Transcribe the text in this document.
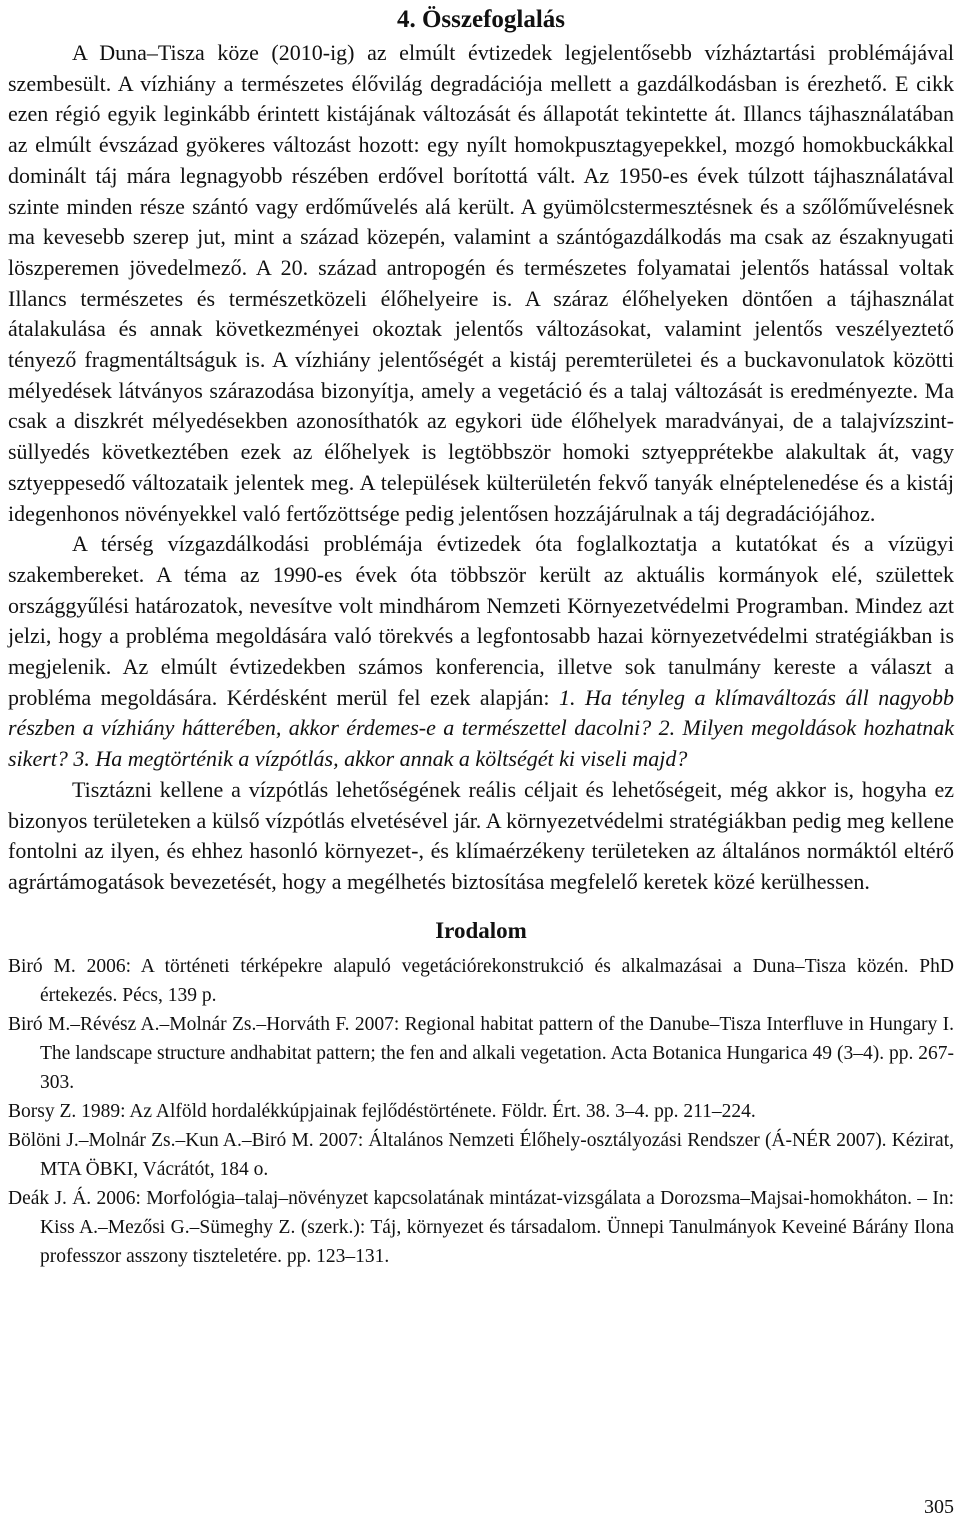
4. Összefoglalás

A Duna–Tisza köze (2010-ig) az elmúlt évtizedek legjelentősebb vízháztartási problémájával szembesült. A vízhiány a természetes élővilág degradációja mellett a gazdálkodásban is érezhető. E cikk ezen régió egyik leginkább érintett kistájának változását és állapotát tekintette át. Illancs tájhasználatában az elmúlt évszázad gyökeres változást hozott: egy nyílt homokpusztagyepekkel, mozgó homokbuckákkal dominált táj mára legnagyobb részében erdővel borítottá vált. Az 1950-es évek túlzott tájhasználatával szinte minden része szántó vagy erdőművelés alá került. A gyümölcstermesztésnek és a szőlőművelésnek ma kevesebb szerep jut, mint a század közepén, valamint a szántógazdálkodás ma csak az északnyugati löszperemen jövedelmező. A 20. század antropogén és természetes folyamatai jelentős hatással voltak Illancs természetes és természetközeli élőhelyeire is. A száraz élőhelyeken döntően a tájhasználat átalakulása és annak következményei okoztak jelentős változásokat, valamint jelentős veszélyeztető tényező fragmentáltságuk is. A vízhiány jelentőségét a kistáj peremterületei és a buckavonulatok közötti mélyedések látványos szárazodása bizonyítja, amely a vegetáció és a talaj változását is eredményezte. Ma csak a diszkrét mélyedésekben azonosíthatók az egykori üde élőhelyek maradványai, de a talajvízszint-süllyedés következtében ezek az élőhelyek is legtöbbször homoki sztyepprétekbe alakultak át, vagy sztyeppesedő változataik jelentek meg. A települések külterületén fekvő tanyák elnéptelenedése és a kistáj idegenhonos növényekkel való fertőzöttsége pedig jelentősen hozzájárulnak a táj degradációjához.

A térség vízgazdálkodási problémája évtizedek óta foglalkoztatja a kutatókat és a vízügyi szakembereket. A téma az 1990-es évek óta többször került az aktuális kormányok elé, születtek országgyűlési határozatok, nevesítve volt mindhárom Nemzeti Környezetvédelmi Programban. Mindez azt jelzi, hogy a probléma megoldására való törekvés a legfontosabb hazai környezetvédelmi stratégiákban is megjelenik. Az elmúlt évtizedekben számos konferencia, illetve sok tanulmány kereste a választ a probléma megoldására. Kérdésként merül fel ezek alapján: 1. Ha tényleg a klímaváltozás áll nagyobb részben a vízhiány hátterében, akkor érdemes-e a természettel dacolni? 2. Milyen megoldások hozhatnak sikert? 3. Ha megtörténik a vízpótlás, akkor annak a költségét ki viseli majd?

Tisztázni kellene a vízpótlás lehetőségének reális céljait és lehetőségeit, még akkor is, hogyha ez bizonyos területeken a külső vízpótlás elvetésével jár. A környezetvédelmi stratégiákban pedig meg kellene fontolni az ilyen, és ehhez hasonló környezet-, és klímaérzékeny területeken az általános normáktól eltérő agrártámogatások bevezetését, hogy a megélhetés biztosítása megfelelő keretek közé kerülhessen.

Irodalom

Biró M. 2006: A történeti térképekre alapuló vegetációrekonstrukció és alkalmazásai a Duna–Tisza közén. PhD értekezés. Pécs, 139 p.

Biró M.–Révész A.–Molnár Zs.–Horváth F. 2007: Regional habitat pattern of the Danube–Tisza Interfluve in Hungary I. The landscape structure andhabitat pattern; the fen and alkali vegetation. Acta Botanica Hungarica 49 (3–4). pp. 267-303.

Borsy Z. 1989: Az Alföld hordalékkúpjainak fejlődéstörténete. Földr. Ért. 38. 3–4. pp. 211–224.

Bölöni J.–Molnár Zs.–Kun A.–Biró M. 2007: Általános Nemzeti Élőhely-osztályozási Rendszer (Á-NÉR 2007). Kézirat, MTA ÖBKI, Vácrátót, 184 o.

Deák J. Á. 2006: Morfológia–talaj–növényzet kapcsolatának mintázat-vizsgálata a Dorozsma–Majsai-homokháton. – In: Kiss A.–Mezősi G.–Sümeghy Z. (szerk.): Táj, környezet és társadalom. Ünnepi Tanulmányok Keveiné Bárány Ilona professzor asszony tiszteletére. pp. 123–131.

305
